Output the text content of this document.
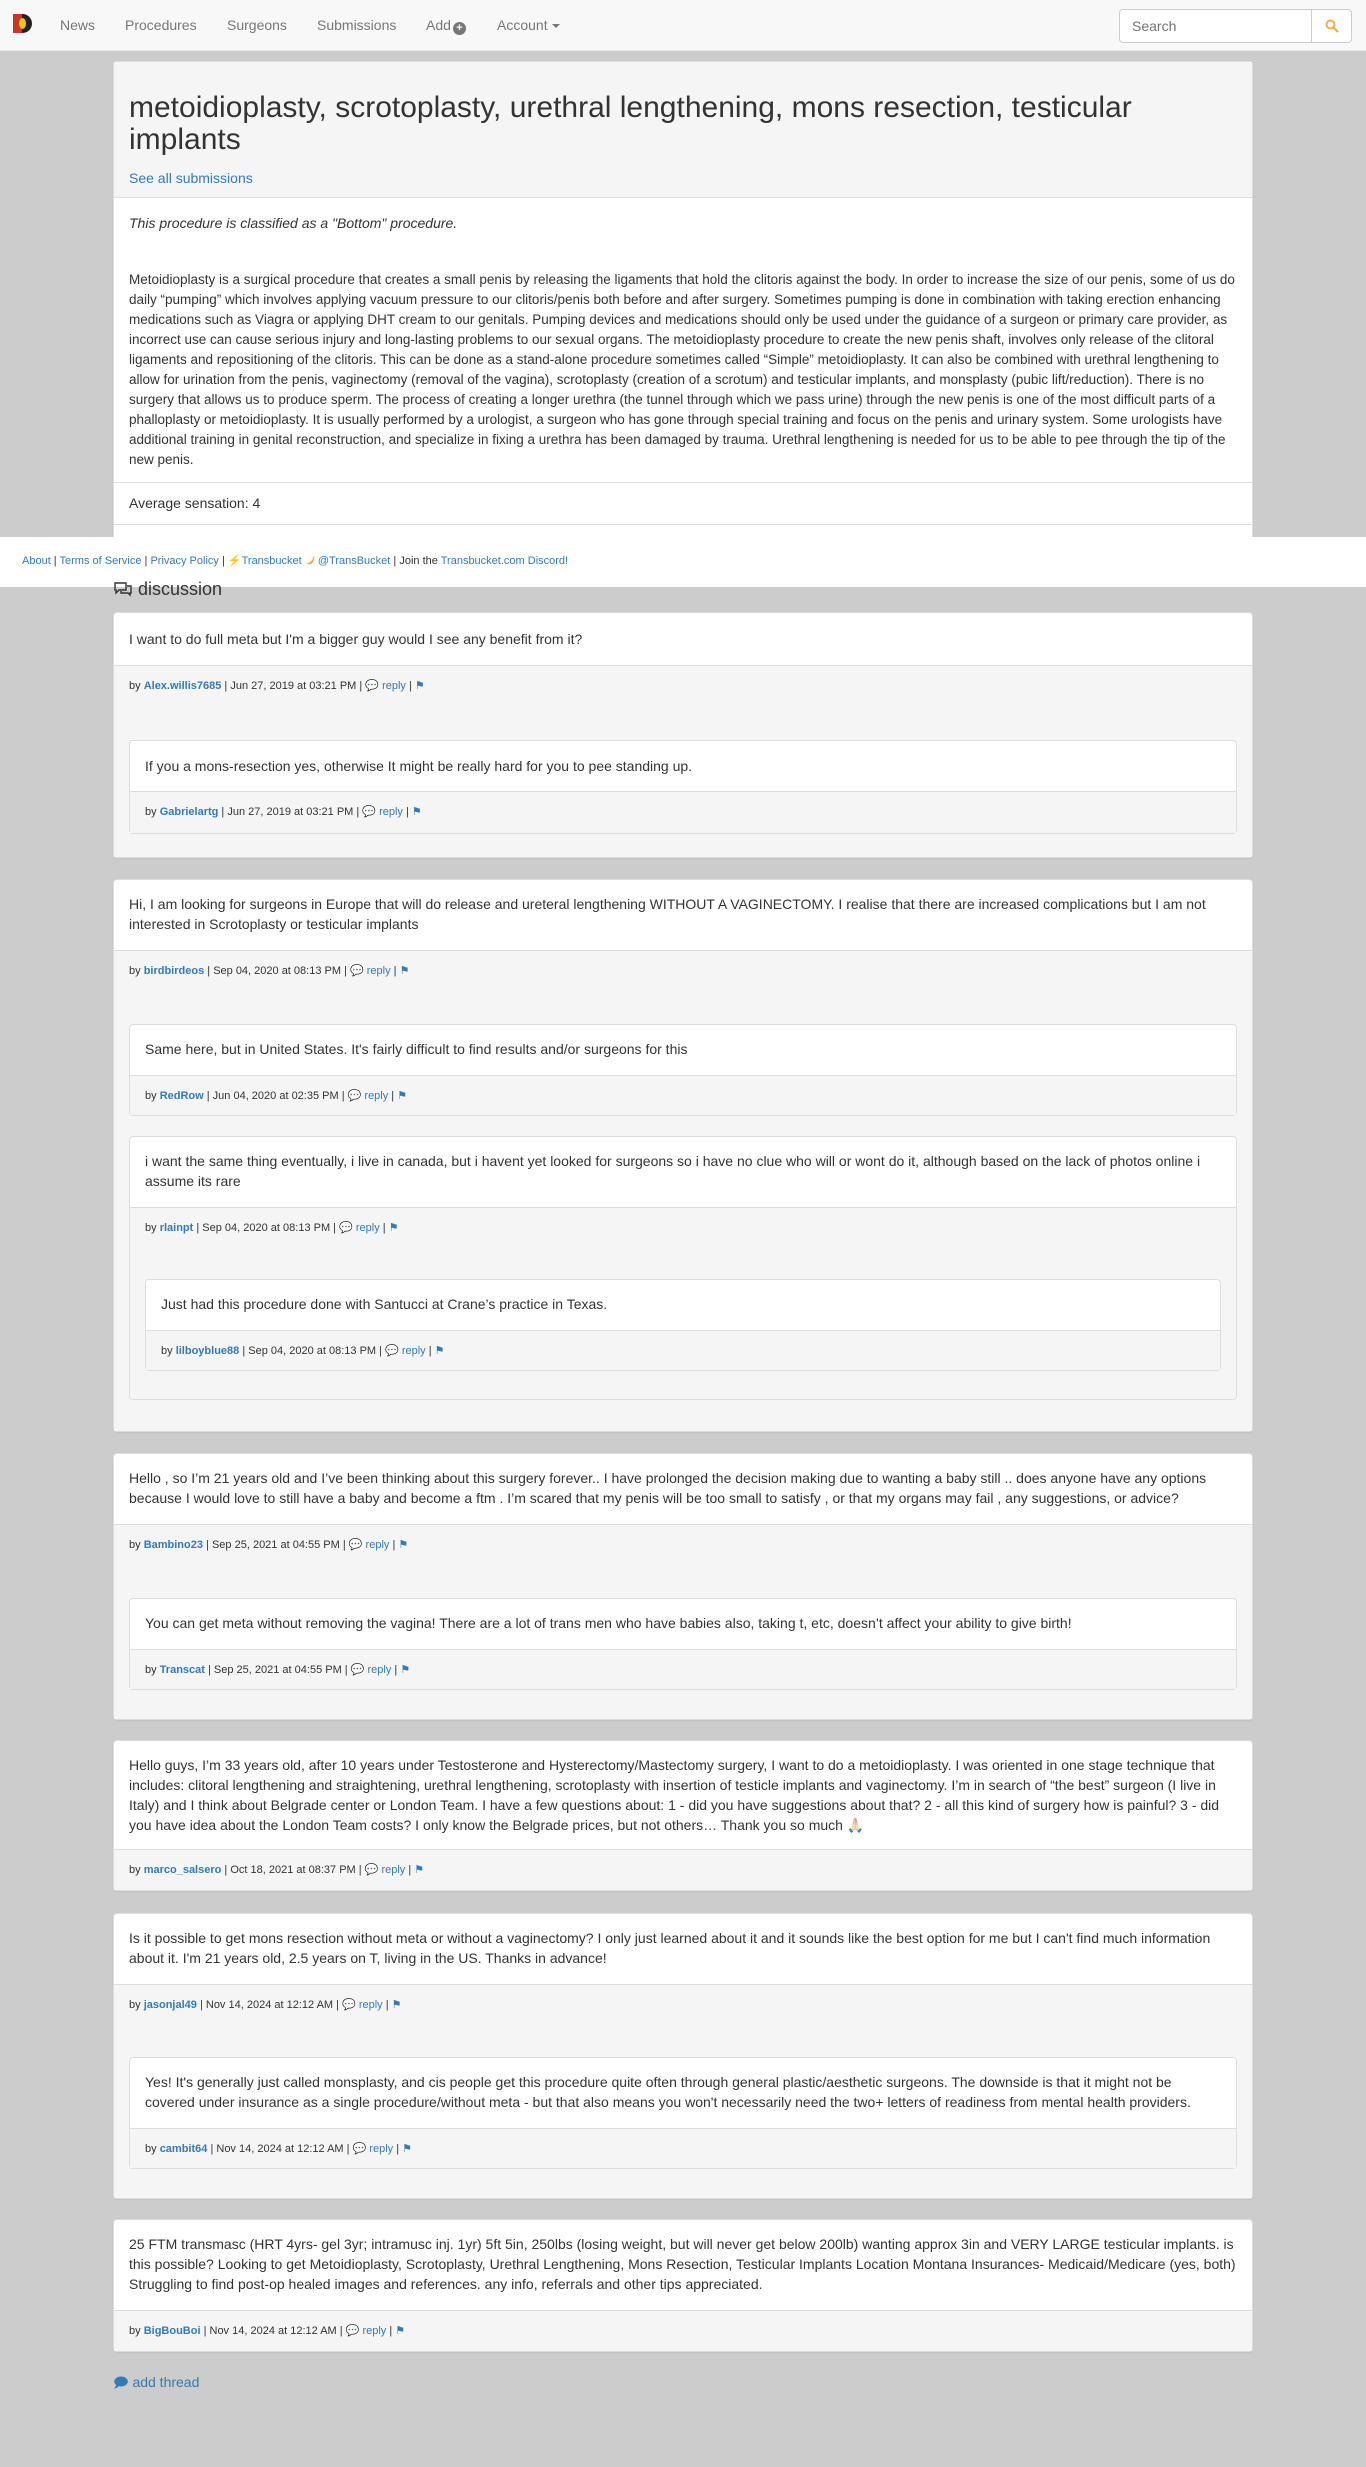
News Procedures Surgeons Submissions Add + Account
Search
metoidioplasty, scrotoplasty, urethral lengthening, mons resection, testicular implants
See all submissions
This procedure is classified as a "Bottom" procedure.
Metoidioplasty is a surgical procedure that creates a small penis by releasing the ligaments that hold the clitoris against the body. In order to increase the size of our penis, some of us do daily “pumping” which involves applying vacuum pressure to our clitoris/penis both before and after surgery. Sometimes pumping is done in combination with taking erection enhancing medications such as Viagra or applying DHT cream to our genitals. Pumping devices and medications should only be used under the guidance of a surgeon or primary care provider, as incorrect use can cause serious injury and long-lasting problems to our sexual organs. The metoidioplasty procedure to create the new penis shaft, involves only release of the clitoral ligaments and repositioning of the clitoris. This can be done as a stand-alone procedure sometimes called “Simple” metoidioplasty. It can also be combined with urethral lengthening to allow for urination from the penis, vaginectomy (removal of the vagina), scrotoplasty (creation of a scrotum) and testicular implants, and monsplasty (pubic lift/reduction). There is no surgery that allows us to produce sperm. The process of creating a longer urethra (the tunnel through which we pass urine) through the new penis is one of the most difficult parts of a phalloplasty or metoidioplasty. It is usually performed by a urologist, a surgeon who has gone through special training and focus on the penis and urinary system. Some urologists have additional training in genital reconstruction, and specialize in fixing a urethra has been damaged by trauma. Urethral lengthening is needed for us to be able to pee through the tip of the new penis.
Average sensation: 4
About | Terms of Service | Privacy Policy | ⚡Transbucket @TransBucket | Join the Transbucket.com Discord!
discussion
I want to do full meta but I'm a bigger guy would I see any benefit from it?
by Alex.willis7685 | Jun 27, 2019 at 03:21 PM | 💬 reply | ⚑
If you a mons-resection yes, otherwise It might be really hard for you to pee standing up.
by Gabrielartg | Jun 27, 2019 at 03:21 PM | 💬 reply | ⚑
Hi, I am looking for surgeons in Europe that will do release and ureteral lengthening WITHOUT A VAGINECTOMY. I realise that there are increased complications but I am not interested in Scrotoplasty or testicular implants
by birdbirdeos | Sep 04, 2020 at 08:13 PM | 💬 reply | ⚑
Same here, but in United States. It's fairly difficult to find results and/or surgeons for this
by RedRow | Jun 04, 2020 at 02:35 PM | 💬 reply | ⚑
i want the same thing eventually, i live in canada, but i havent yet looked for surgeons so i have no clue who will or wont do it, although based on the lack of photos online i assume its rare
by rlainpt | Sep 04, 2020 at 08:13 PM | 💬 reply | ⚑
Just had this procedure done with Santucci at Crane’s practice in Texas.
by lilboyblue88 | Sep 04, 2020 at 08:13 PM | 💬 reply | ⚑
Hello , so I’m 21 years old and I’ve been thinking about this surgery forever.. I have prolonged the decision making due to wanting a baby still .. does anyone have any options because I would love to still have a baby and become a ftm . I’m scared that my penis will be too small to satisfy , or that my organs may fail , any suggestions, or advice?
by Bambino23 | Sep 25, 2021 at 04:55 PM | 💬 reply | ⚑
You can get meta without removing the vagina! There are a lot of trans men who have babies also, taking t, etc, doesn’t affect your ability to give birth!
by Transcat | Sep 25, 2021 at 04:55 PM | 💬 reply | ⚑
Hello guys, I’m 33 years old, after 10 years under Testosterone and Hysterectomy/Mastectomy surgery, I want to do a metoidioplasty. I was oriented in one stage technique that includes: clitoral lengthening and straightening, urethral lengthening, scrotoplasty with insertion of testicle implants and vaginectomy. I’m in search of “the best” surgeon (I live in Italy) and I think about Belgrade center or London Team. I have a few questions about: 1 - did you have suggestions about that? 2 - all this kind of surgery how is painful? 3 - did you have idea about the London Team costs? I only know the Belgrade prices, but not others… Thank you so much 🙏🏻
by marco_salsero | Oct 18, 2021 at 08:37 PM | 💬 reply | ⚑
Is it possible to get mons resection without meta or without a vaginectomy? I only just learned about it and it sounds like the best option for me but I can't find much information about it. I'm 21 years old, 2.5 years on T, living in the US. Thanks in advance!
by jasonjal49 | Nov 14, 2024 at 12:12 AM | 💬 reply | ⚑
Yes! It's generally just called monsplasty, and cis people get this procedure quite often through general plastic/aesthetic surgeons. The downside is that it might not be covered under insurance as a single procedure/without meta - but that also means you won't necessarily need the two+ letters of readiness from mental health providers.
by cambit64 | Nov 14, 2024 at 12:12 AM | 💬 reply | ⚑
25 FTM transmasc (HRT 4yrs- gel 3yr; intramusc inj. 1yr) 5ft 5in, 250lbs (losing weight, but will never get below 200lb) wanting approx 3in and VERY LARGE testicular implants. is this possible? Looking to get Metoidioplasty, Scrotoplasty, Urethral Lengthening, Mons Resection, Testicular Implants Location Montana Insurances- Medicaid/Medicare (yes, both) Struggling to find post-op healed images and references. any info, referrals and other tips appreciated.
by BigBouBoi | Nov 14, 2024 at 12:12 AM | 💬 reply | ⚑
🗩 add thread
